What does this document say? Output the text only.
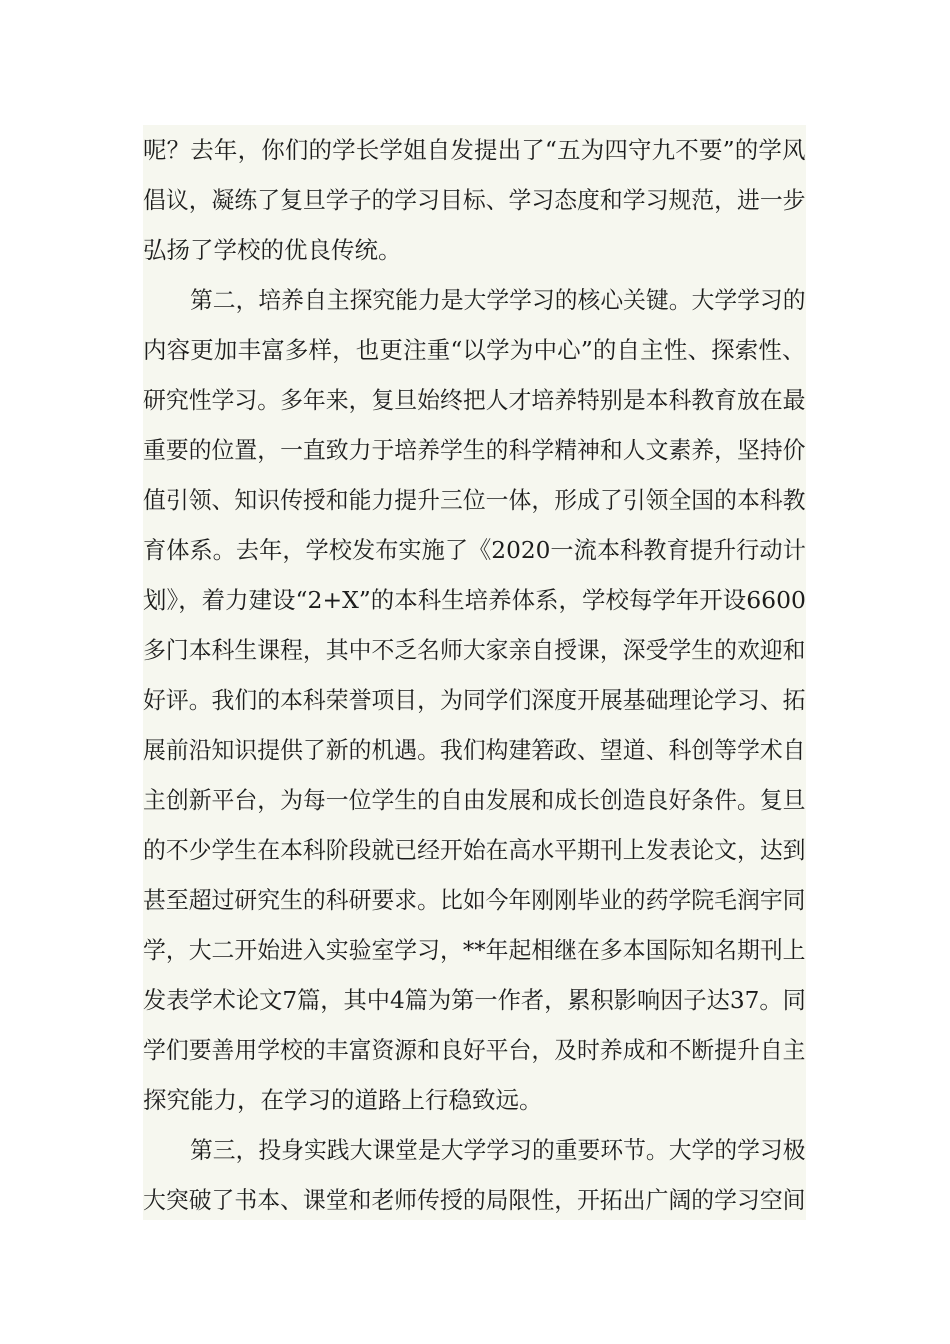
呢？去年，你们的学长学姐自发提出了“五为四守九不要”的学风
倡议，凝练了复旦学子的学习目标、学习态度和学习规范，进一步
弘扬了学校的优良传统。
第二，培养自主探究能力是大学学习的核心关键。大学学习的
内容更加丰富多样，也更注重“以学为中心”的自主性、探索性、
研究性学习。多年来，复旦始终把人才培养特别是本科教育放在最
重要的位置，一直致力于培养学生的科学精神和人文素养，坚持价
值引领、知识传授和能力提升三位一体，形成了引领全国的本科教
育体系。去年，学校发布实施了《2020一流本科教育提升行动计
划》，着力建设“2+X”的本科生培养体系，学校每学年开设6600
多门本科生课程，其中不乏名师大家亲自授课，深受学生的欢迎和
好评。我们的本科荣誉项目，为同学们深度开展基础理论学习、拓
展前沿知识提供了新的机遇。我们构建箬政、望道、科创等学术自
主创新平台，为每一位学生的自由发展和成长创造良好条件。复旦
的不少学生在本科阶段就已经开始在高水平期刊上发表论文，达到
甚至超过研究生的科研要求。比如今年刚刚毕业的药学院毛润宇同
学，大二开始进入实验室学习，**年起相继在多本国际知名期刊上
发表学术论文7篇，其中4篇为第一作者，累积影响因子达37。同
学们要善用学校的丰富资源和良好平台，及时养成和不断提升自主
探究能力，在学习的道路上行稳致远。
第三，投身实践大课堂是大学学习的重要环节。大学的学习极
大突破了书本、课堂和老师传授的局限性，开拓出广阔的学习空间
